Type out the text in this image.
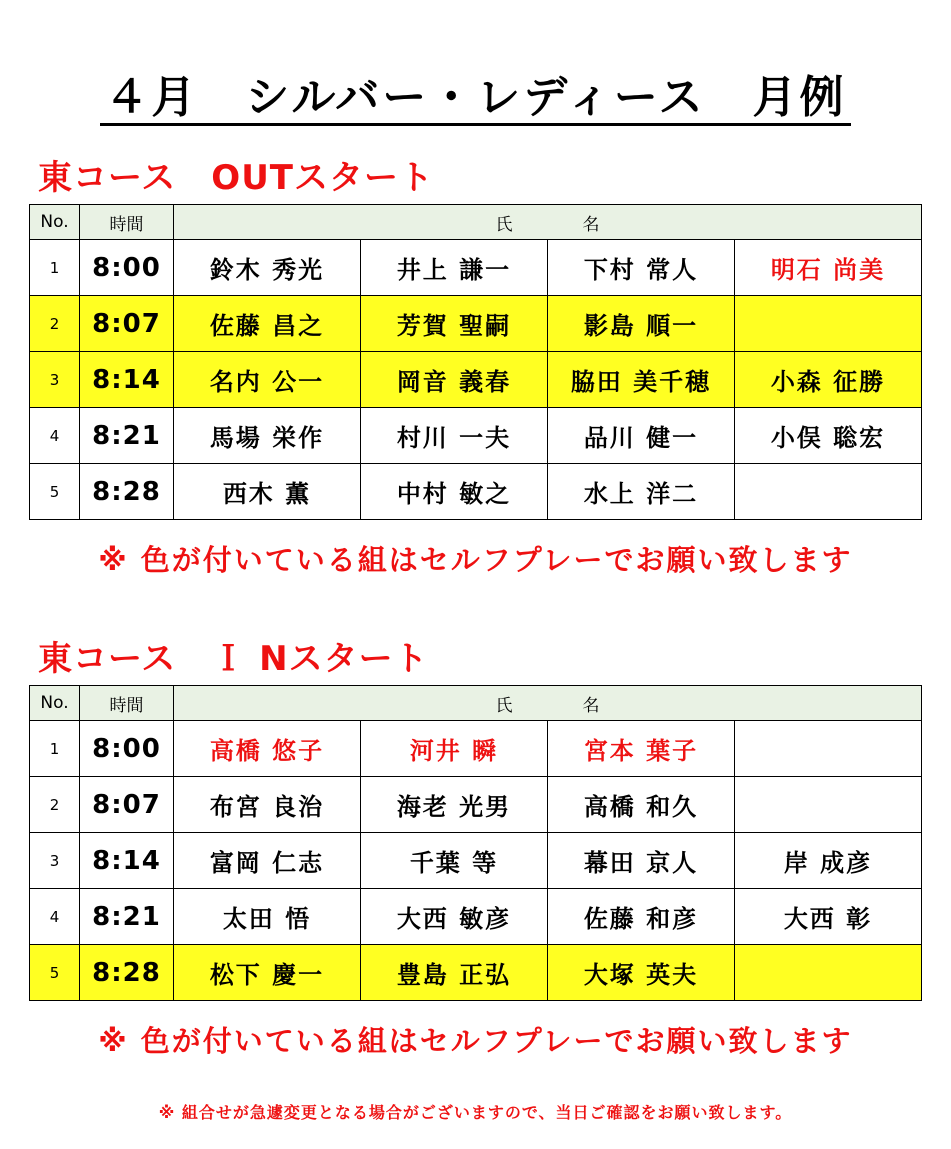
４月　シルバー・レディース　月例
東コース　OUTスタート
No.	時間	氏 名			
1	8:00	鈴木 秀光	井上 謙一	下村 常人	明石 尚美
2	8:07	佐藤 昌之	芳賀 聖嗣	影島 順一	
3	8:14	名内 公一	岡音 義春	脇田 美千穂	小森 征勝
4	8:21	馬場 栄作	村川 一夫	品川 健一	小俣 聡宏
5	8:28	西木 薫	中村 敏之	水上 洋二	
※ 色が付いている組はセルフプレーでお願い致します
東コース　Ｉ Nスタート
No.	時間	氏 名			
1	8:00	高橋 悠子	河井 瞬	宮本 葉子	
2	8:07	布宮 良治	海老 光男	高橋 和久	
3	8:14	富岡 仁志	千葉 等	幕田 京人	岸 成彦
4	8:21	太田 悟	大西 敏彦	佐藤 和彦	大西 彰
5	8:28	松下 慶一	豊島 正弘	大塚 英夫	
※ 色が付いている組はセルフプレーでお願い致します
※ 組合せが急遽変更となる場合がございますので、当日ご確認をお願い致します。
